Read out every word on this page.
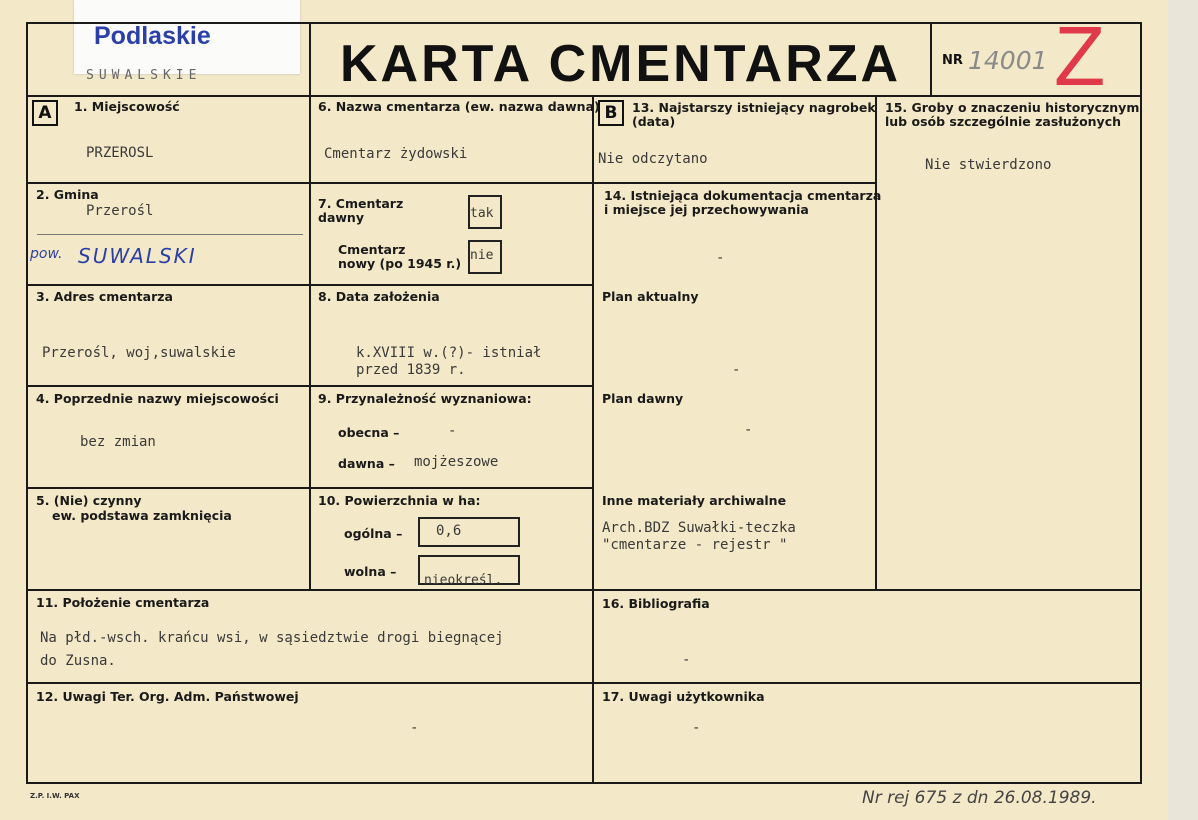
Podlaskie
SUWALSKIE	KARTA CMENTARZA	NR 14001 Z
A	B
1. Miejscowość
PRZEROSL
2. Gmina
Przerośl
pow. SUWALSKI
3. Adres cmentarza
Przerośl, woj,suwalskie
4. Poprzednie nazwy miejscowości
bez zmian
5. (Nie) czynny
ew. podstawa zamknięcia
6. Nazwa cmentarza (ew. nazwa dawna)
Cmentarz żydowski
7. Cmentarz
dawny	tak
Cmentarz
nowy (po 1945 r.)
nie
8. Data założenia
k.XVIII w.(?)- istniał
przed 1839 r.
9. Przynależność wyznaniowa:
obecna –	-
dawna – mojżeszowe
10. Powierzchnia w ha:
ogólna – 0,6
wolna –
nieokreśl.
13. Najstarszy istniejący nagrobek
(data)
Nie odczytano
14. Istniejąca dokumentacja cmentarza
i miejsce jej przechowywania
-
Plan aktualny
-
Plan dawny
-
Inne materiały archiwalne
Arch.BDZ Suwałki-teczka
"cmentarze - rejestr "
15. Groby o znaczeniu historycznym
lub osób szczególnie zasłużonych
Nie stwierdzono
11. Położenie cmentarza
Na płd.-wsch. krańcu wsi, w sąsiedztwie drogi biegnącej
do Zusna.
16. Bibliografia
-
12. Uwagi Ter. Org. Adm. Państwowej
-
17. Uwagi użytkownika
-
Z.P. I.W. PAX	Nr rej 675 z dn 26.08.1989.
